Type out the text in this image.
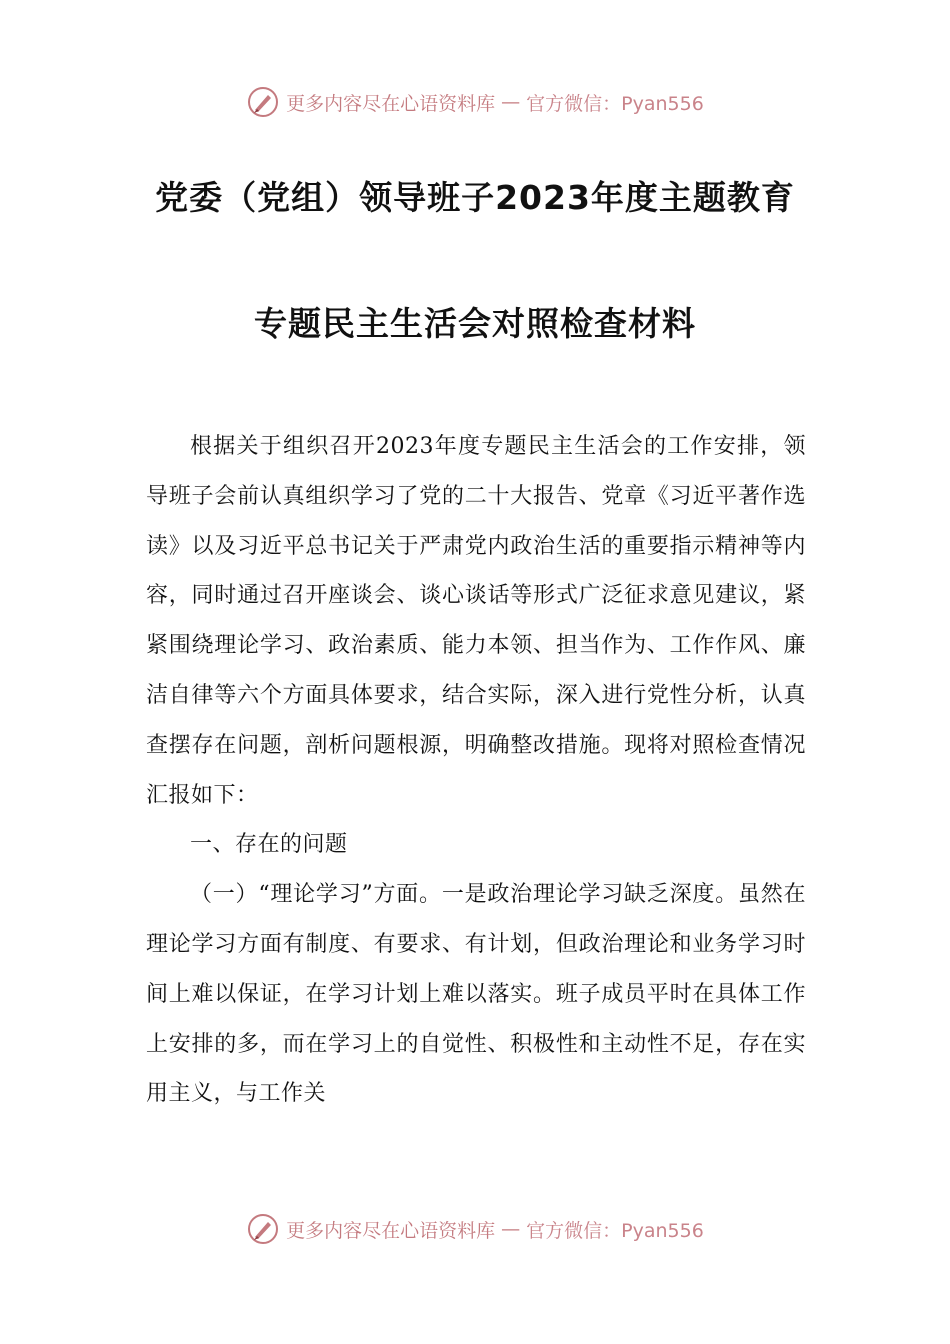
更多内容尽在心语资料库 — 官方微信：Pyan556
党委（党组）领导班子2023年度主题教育
专题民主生活会对照检查材料

根据关于组织召开2023年度专题民主生活会的工作安排，领导班子会前认真组织学习了党的二十大报告、党章《习近平著作选读》以及习近平总书记关于严肃党内政治生活的重要指示精神等内容，同时通过召开座谈会、谈心谈话等形式广泛征求意见建议，紧紧围绕理论学习、政治素质、能力本领、担当作为、工作作风、廉洁自律等六个方面具体要求，结合实际，深入进行党性分析，认真查摆存在问题，剖析问题根源，明确整改措施。现将对照检查情况汇报如下：

一、存在的问题

（一）“理论学习”方面。一是政治理论学习缺乏深度。虽然在理论学习方面有制度、有要求、有计划，但政治理论和业务学习时间上难以保证，在学习计划上难以落实。班子成员平时在具体工作上安排的多，而在学习上的自觉性、积极性和主动性不足，存在实用主义，与工作关

更多内容尽在心语资料库 — 官方微信：Pyan556
